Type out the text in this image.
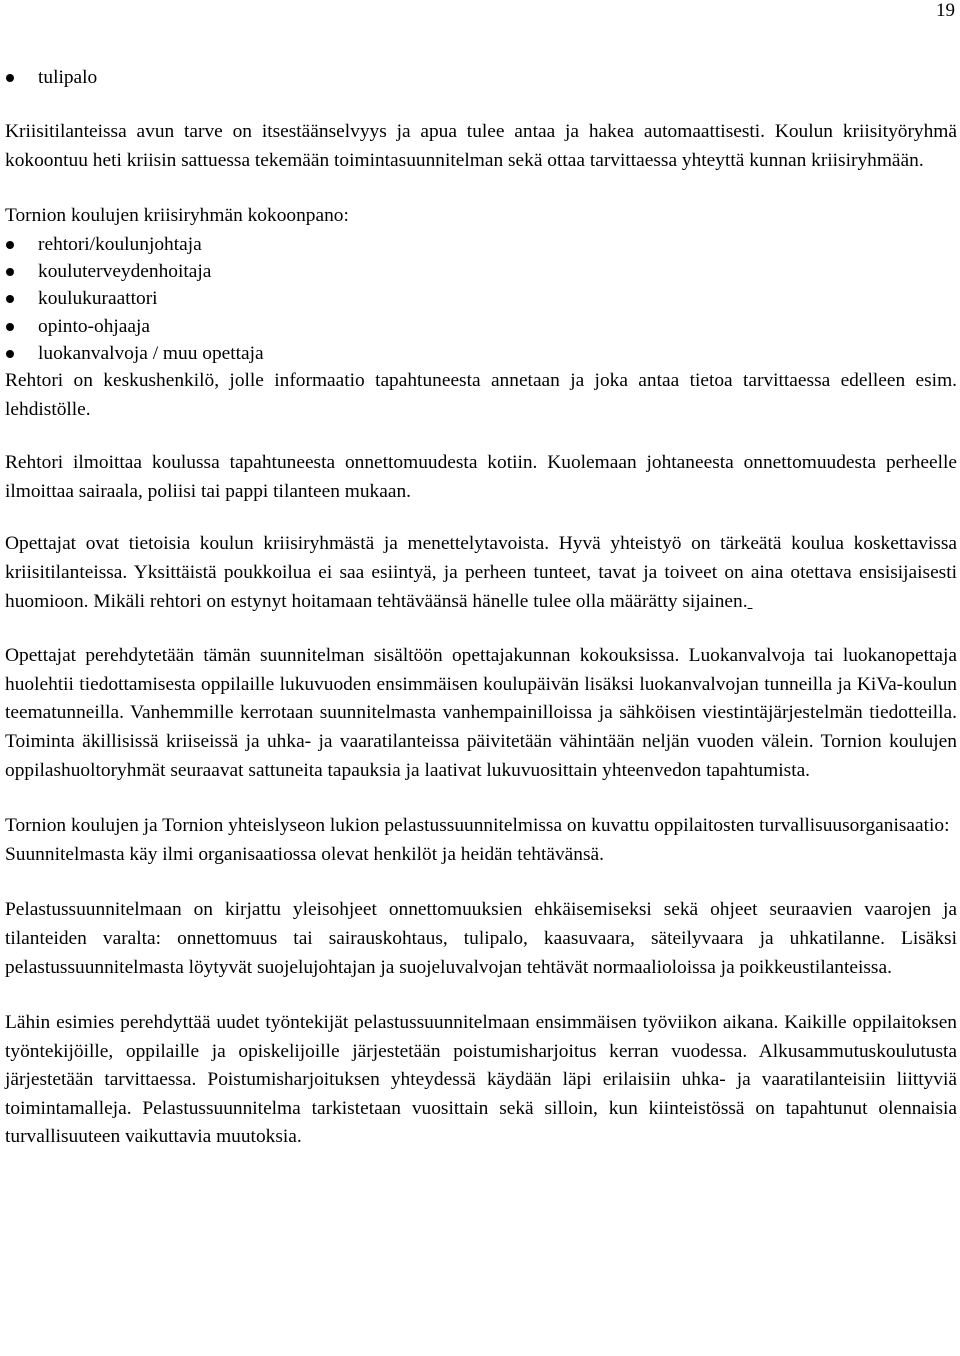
19
tulipalo

Kriisitilanteissa avun tarve on itsestäänselvyys ja apua tulee antaa ja hakea automaattisesti. Koulun kriisityöryhmä kokoontuu heti kriisin sattuessa tekemään toimintasuunnitelman sekä ottaa tarvittaessa yhteyttä kunnan kriisiryhmään.

Tornion koulujen kriisiryhmän kokoonpano:

rehtori/koulunjohtaja
kouluterveydenhoitaja
koulukuraattori
opinto-ohjaaja
luokanvalvoja / muu opettaja

Rehtori on keskushenkilö, jolle informaatio tapahtuneesta annetaan ja joka antaa tietoa tarvittaessa edelleen esim. lehdistölle.

Rehtori ilmoittaa koulussa tapahtuneesta onnettomuudesta kotiin. Kuolemaan johtaneesta onnettomuudesta perheelle ilmoittaa sairaala, poliisi tai pappi tilanteen mukaan.

Opettajat ovat tietoisia koulun kriisiryhmästä ja menettelytavoista. Hyvä yhteistyö on tärkeätä koulua koskettavissa kriisitilanteissa. Yksittäistä poukkoilua ei saa esiintyä, ja perheen tunteet, tavat ja toiveet on aina otettava ensisijaisesti huomioon. Mikäli rehtori on estynyt hoitamaan tehtäväänsä hänelle tulee olla määrätty sijainen.

Opettajat perehdytetään tämän suunnitelman sisältöön opettajakunnan kokouksissa. Luokanvalvoja tai luokanopettaja huolehtii tiedottamisesta oppilaille lukuvuoden ensimmäisen koulupäivän lisäksi luokanvalvojan tunneilla ja KiVa-koulun teematunneilla. Vanhemmille kerrotaan suunnitelmasta vanhempainilloissa ja sähköisen viestintäjärjestelmän tiedotteilla. Toiminta äkillisissä kriiseissä ja uhka- ja vaaratilanteissa päivitetään vähintään neljän vuoden välein. Tornion koulujen oppilashuoltoryhmät seuraavat sattuneita tapauksia ja laativat lukuvuosittain yhteenvedon tapahtumista.

Tornion koulujen ja Tornion yhteislyseon lukion pelastussuunnitelmissa on kuvattu oppilaitosten turvallisuusorganisaatio:

Suunnitelmasta käy ilmi organisaatiossa olevat henkilöt ja heidän tehtävänsä.

Pelastussuunnitelmaan on kirjattu yleisohjeet onnettomuuksien ehkäisemiseksi sekä ohjeet seuraavien vaarojen ja tilanteiden varalta: onnettomuus tai sairauskohtaus, tulipalo, kaasuvaara, säteilyvaara ja uhkatilanne. Lisäksi pelastussuunnitelmasta löytyvät suojelujohtajan ja suojeluvalvojan tehtävät normaalioloissa ja poikkeustilanteissa.

Lähin esimies perehdyttää uudet työntekijät pelastussuunnitelmaan ensimmäisen työviikon aikana. Kaikille oppilaitoksen työntekijöille, oppilaille ja opiskelijoille järjestetään poistumisharjoitus kerran vuodessa. Alkusammutuskoulutusta järjestetään tarvittaessa. Poistumisharjoituksen yhteydessä käydään läpi erilaisiin uhka- ja vaaratilanteisiin liittyviä toimintamalleja. Pelastussuunnitelma tarkistetaan vuosittain sekä silloin, kun kiinteistössä on tapahtunut olennaisia turvallisuuteen vaikuttavia muutoksia.
